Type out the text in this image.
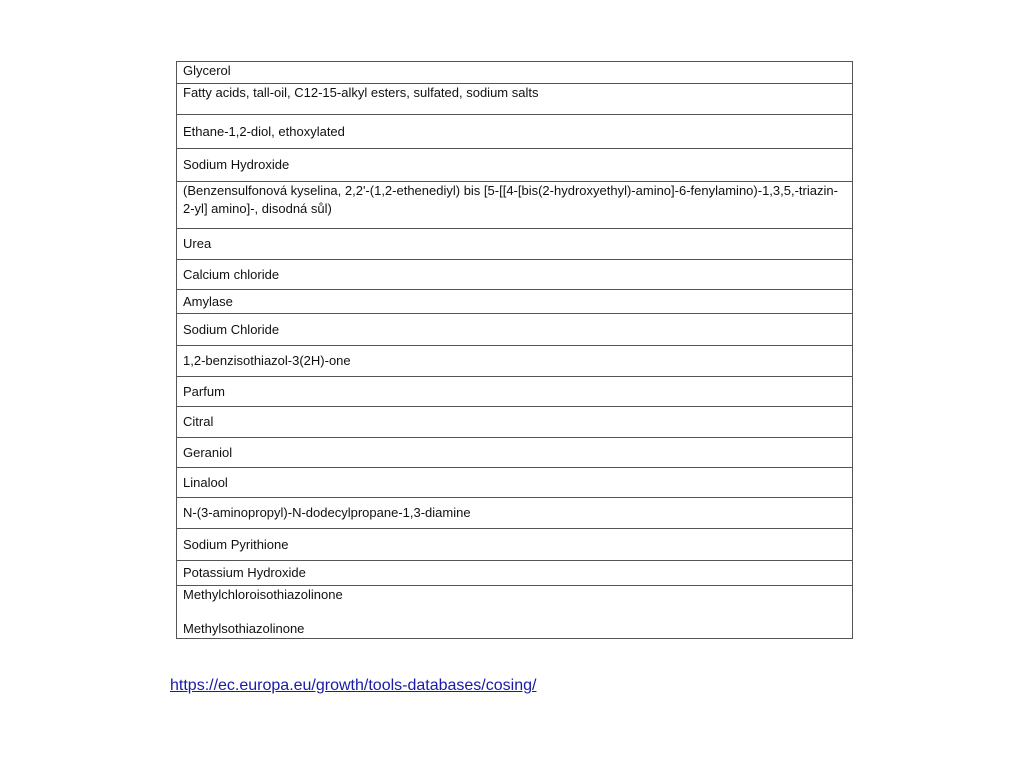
Glycerol
Fatty acids, tall-oil, C12-15-alkyl esters, sulfated, sodium salts
Ethane-1,2-diol, ethoxylated
Sodium Hydroxide
(Benzensulfonová kyselina, 2,2'-(1,2-ethenediyl) bis [5-[[4-[bis(2-hydroxyethyl)-amino]-6-fenylamino)-1,3,5,-triazin-2-yl] amino]-, disodná sůl)
Urea
Calcium chloride
Amylase
Sodium Chloride
1,2-benzisothiazol-3(2H)-one
Parfum
Citral
Geraniol
Linalool
N-(3-aminopropyl)-N-dodecylpropane-1,3-diamine
Sodium Pyrithione
Potassium Hydroxide

Methylchloroisothiazolinone
Methylsothiazolinone
https://ec.europa.eu/growth/tools-databases/cosing/
